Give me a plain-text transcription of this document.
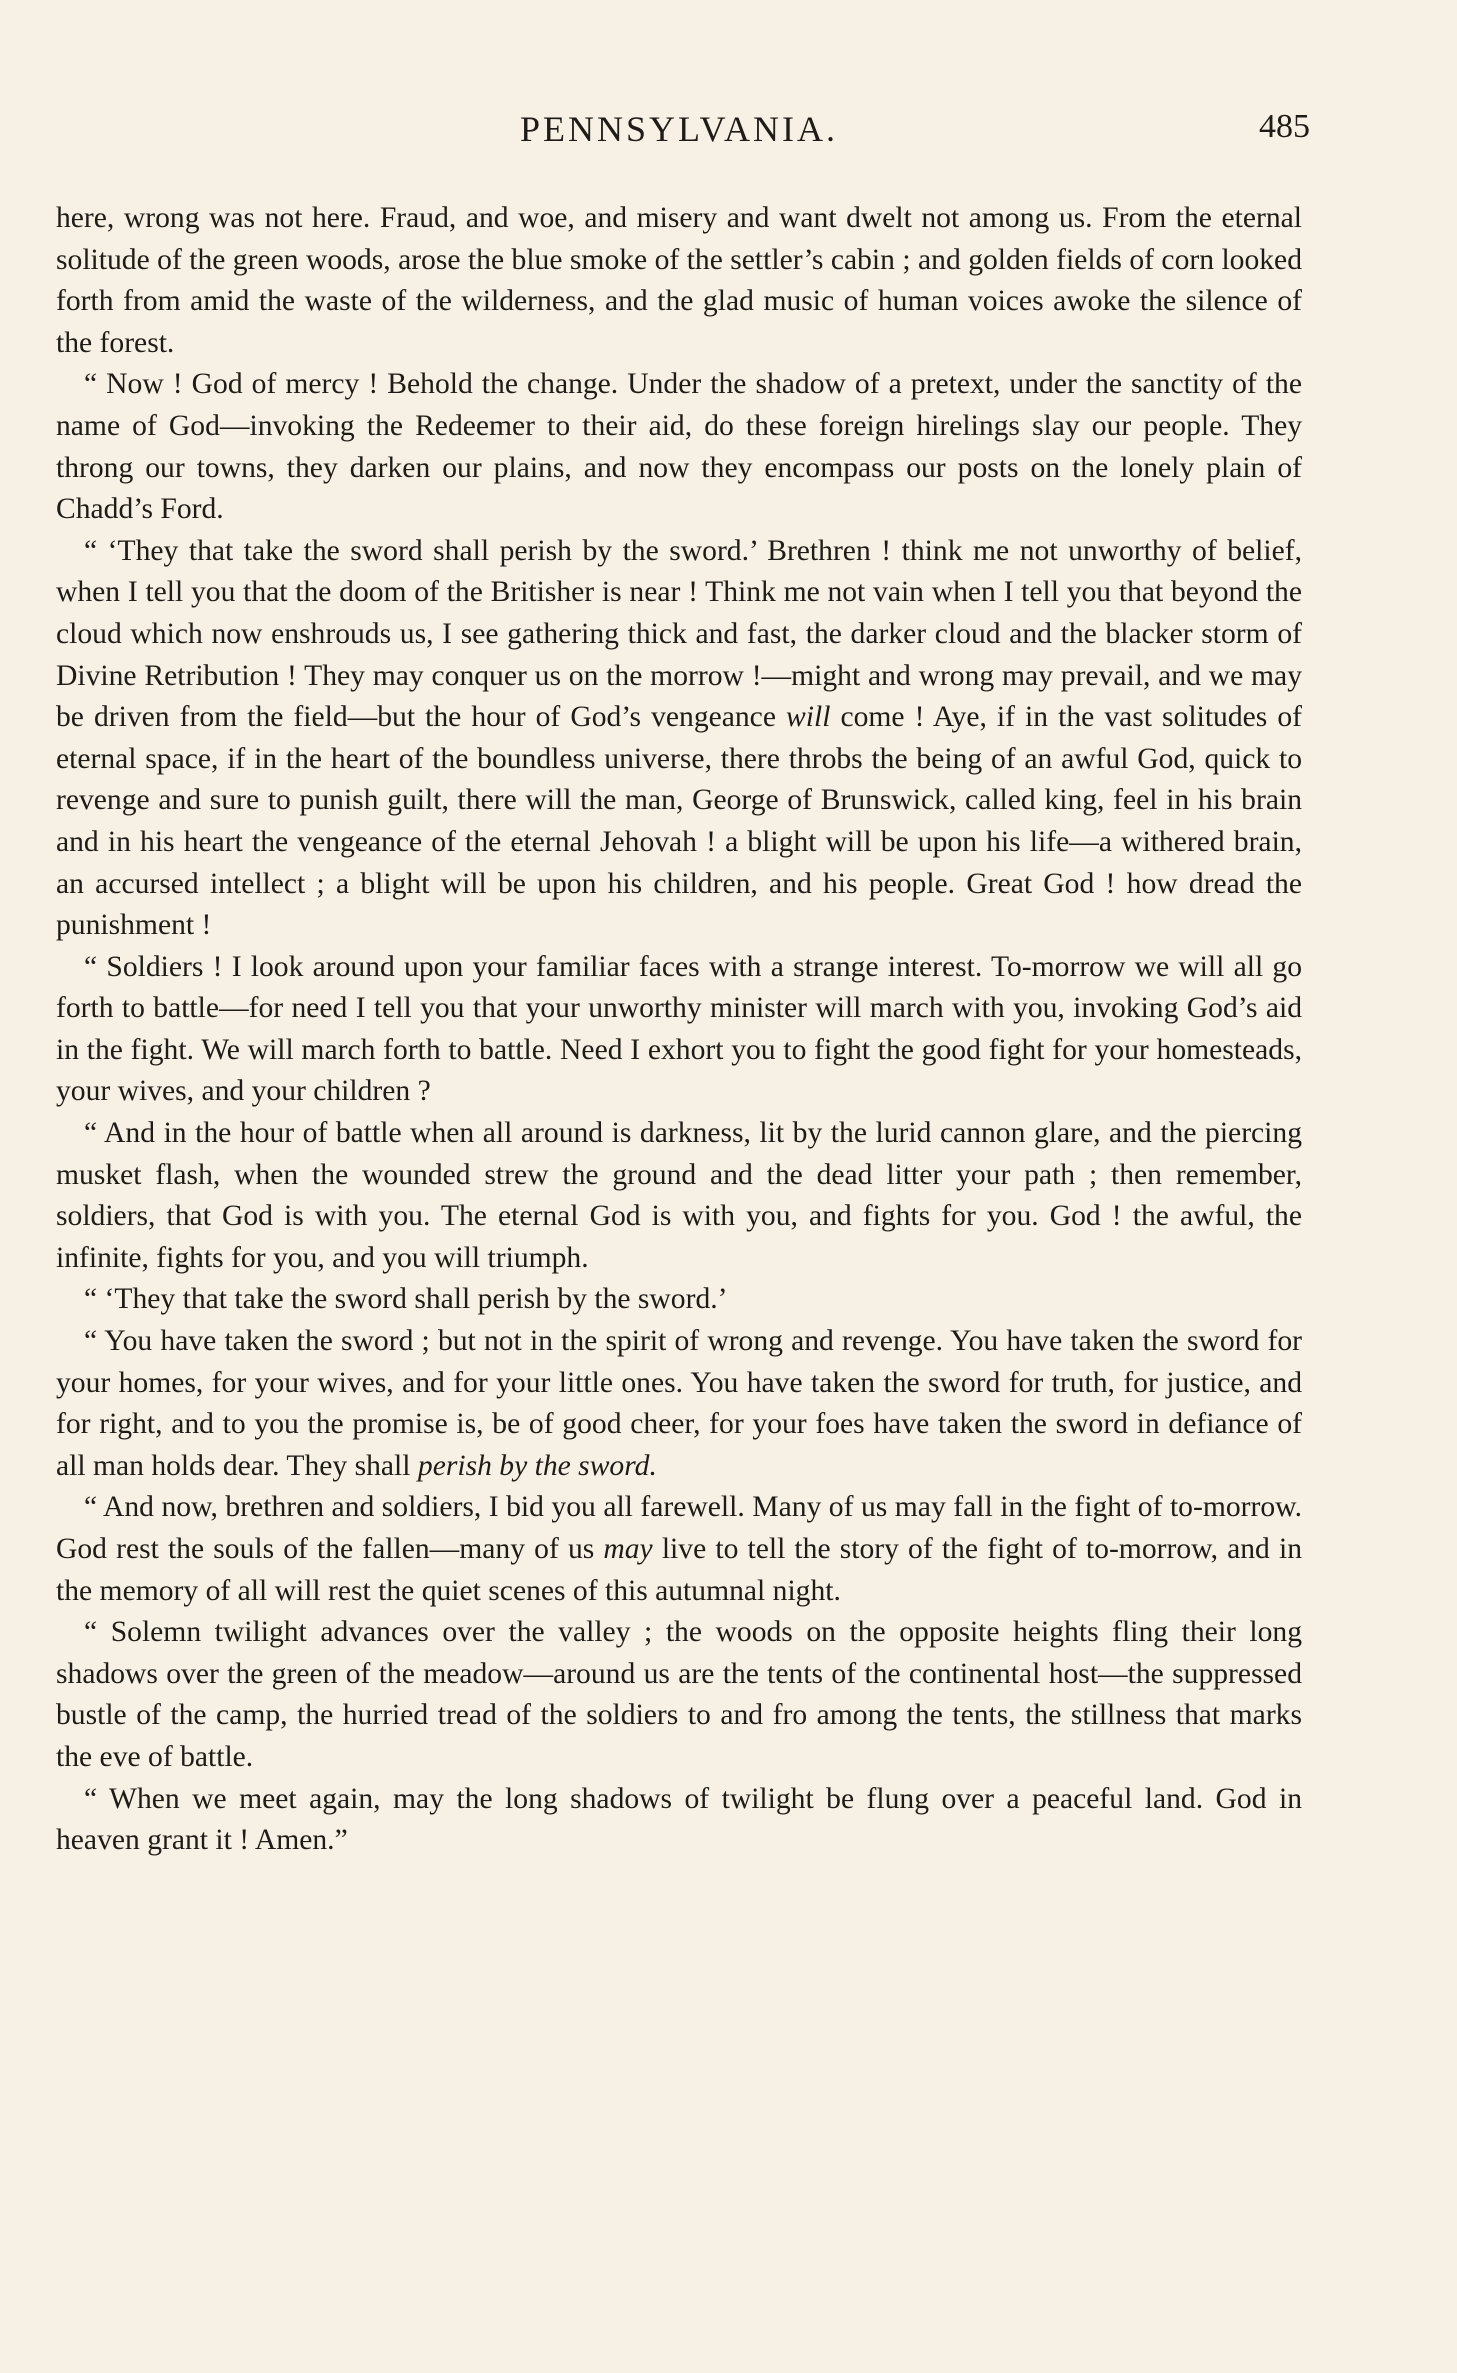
PENNSYLVANIA.	485

here, wrong was not here. Fraud, and woe, and misery and want dwelt not among us. From the eternal solitude of the green woods, arose the blue smoke of the settler’s cabin ; and golden fields of corn looked forth from amid the waste of the wilderness, and the glad music of human voices awoke the silence of the forest.

“ Now ! God of mercy ! Behold the change. Under the shadow of a pretext, under the sanctity of the name of God—invoking the Redeemer to their aid, do these foreign hirelings slay our people. They throng our towns, they darken our plains, and now they encompass our posts on the lonely plain of Chadd’s Ford.

“ ‘They that take the sword shall perish by the sword.’ Brethren ! think me not unworthy of belief, when I tell you that the doom of the Britisher is near ! Think me not vain when I tell you that beyond the cloud which now enshrouds us, I see gathering thick and fast, the darker cloud and the blacker storm of Divine Retribution ! They may conquer us on the morrow !—might and wrong may prevail, and we may be driven from the field—but the hour of God’s vengeance will come ! Aye, if in the vast solitudes of eternal space, if in the heart of the boundless universe, there throbs the being of an awful God, quick to revenge and sure to punish guilt, there will the man, George of Brunswick, called king, feel in his brain and in his heart the vengeance of the eternal Jehovah ! a blight will be upon his life—a withered brain, an accursed intellect ; a blight will be upon his children, and his people. Great God ! how dread the punishment !

“ Soldiers ! I look around upon your familiar faces with a strange interest. To-morrow we will all go forth to battle—for need I tell you that your unworthy minister will march with you, invoking God’s aid in the fight. We will march forth to battle. Need I exhort you to fight the good fight for your homesteads, your wives, and your children ?

“ And in the hour of battle when all around is darkness, lit by the lurid cannon glare, and the piercing musket flash, when the wounded strew the ground and the dead litter your path ; then remember, soldiers, that God is with you. The eternal God is with you, and fights for you. God ! the awful, the infinite, fights for you, and you will triumph.

“ ‘They that take the sword shall perish by the sword.’

“ You have taken the sword ; but not in the spirit of wrong and revenge. You have taken the sword for your homes, for your wives, and for your little ones. You have taken the sword for truth, for justice, and for right, and to you the promise is, be of good cheer, for your foes have taken the sword in defiance of all man holds dear. They shall perish by the sword.

“ And now, brethren and soldiers, I bid you all farewell. Many of us may fall in the fight of to-morrow. God rest the souls of the fallen—many of us may live to tell the story of the fight of to-morrow, and in the memory of all will rest the quiet scenes of this autumnal night.

“ Solemn twilight advances over the valley ; the woods on the opposite heights fling their long shadows over the green of the meadow—around us are the tents of the continental host—the suppressed bustle of the camp, the hurried tread of the soldiers to and fro among the tents, the stillness that marks the eve of battle.

“ When we meet again, may the long shadows of twilight be flung over a peaceful land. God in heaven grant it ! Amen.”
